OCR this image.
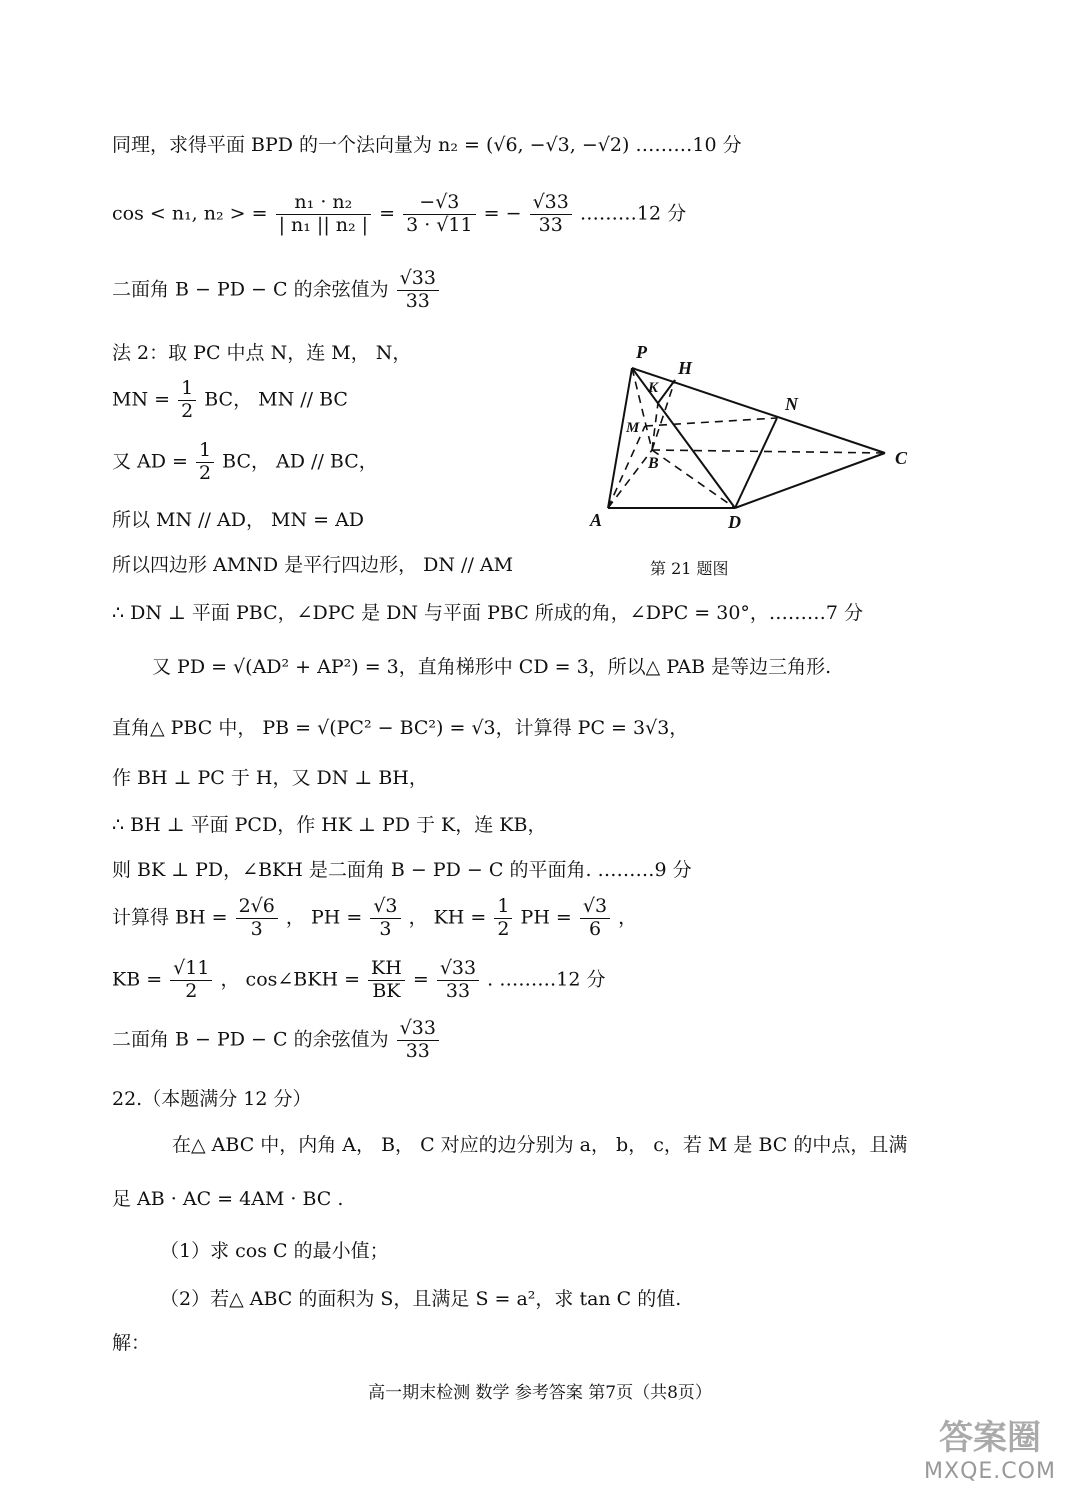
同理，求得平面 BPD 的一个法向量为 n₂ = (√6, −√3, −√2) ………10 分
cos < n₁, n₂ > = $\frac{\text{n₁ · n₂}}{\text{| n₁ || n₂ |}} = \frac{-√3}{3 \cdot √11}$ = − $\frac{√33}{33}$ ………12 分
二面角 B − PD − C 的余弦值为 $\frac{√33}{33}$
法 2：取 PC 中点 N，连 M， N，
MN = $\frac{1}{2}$ BC， MN // BC
又 AD = $\frac{1}{2}$ BC， AD // BC，
所以 MN // AD， MN = AD
所以四边形 AMND 是平行四边形， DN // AM
P
H
K
N
M
B	C
A	D
第 21 题图
∴ DN ⊥ 平面 PBC，∠DPC 是 DN 与平面 PBC 所成的角，∠DPC = 30°，………7 分
又 PD = √(AD² + AP²) = 3，直角梯形中 CD = 3，所以△ PAB 是等边三角形.
直角△ PBC 中， PB = √(PC² − BC²) = √3，计算得 PC = 3√3，
作 BH ⊥ PC 于 H，又 DN ⊥ BH，
∴ BH ⊥ 平面 PCD，作 HK ⊥ PD 于 K，连 KB，
则 BK ⊥ PD，∠BKH 是二面角 B − PD − C 的平面角. ………9 分
计算得 BH = $\frac{2√6}{3}$ ， PH = $\frac{√3}{3}$ ， KH = $\frac{1}{2}$ PH = $\frac{√3}{6}$ ，
KB = $\frac{√11}{2}$ ， cos∠BKH = $\frac{KH}{BK} = \frac{√33}{33}$ . ………12 分
二面角 B − PD − C 的余弦值为 $\frac{√33}{33}$
22.（本题满分 12 分）
在△ ABC 中，内角 A， B， C 对应的边分别为 a， b， c，若 M 是 BC 的中点，且满
足 AB · AC = 4AM · BC .
（1）求 cos C 的最小值；
（2）若△ ABC 的面积为 S，且满足 S = a²，求 tan C 的值.
解：
高一期末检测 数学 参考答案 第7页（共8页）
答案圈
MXQE.COM
